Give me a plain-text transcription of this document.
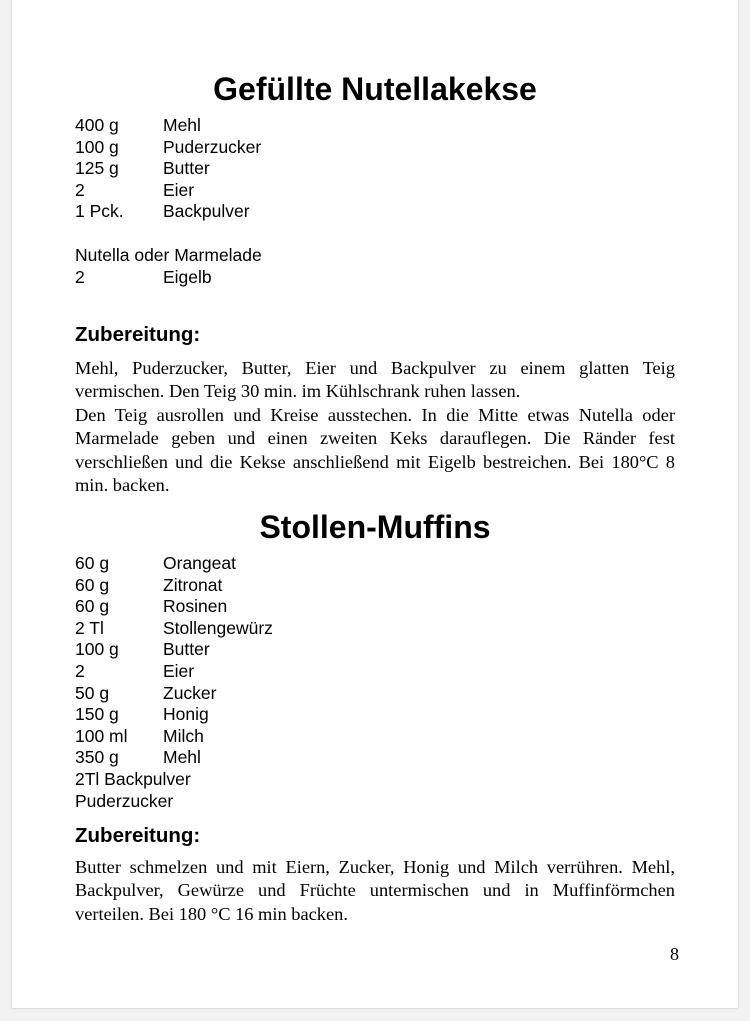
Gefüllte Nutellakekse
400 g	Mehl
100 g	Puderzucker
125 g	Butter
2	Eier
1 Pck.	Backpulver
Nutella oder Marmelade
2	Eigelb
Zubereitung:

Mehl, Puderzucker, Butter, Eier und Backpulver zu einem glatten Teig vermischen. Den Teig 30 min. im Kühlschrank ruhen lassen.

Den Teig ausrollen und Kreise ausstechen. In die Mitte etwas Nutella oder Marmelade geben und einen zweiten Keks darauflegen. Die Ränder fest verschließen und die Kekse anschließend mit Eigelb bestreichen. Bei 180°C 8 min. backen.

Stollen-Muffins
60 g	Orangeat
60 g	Zitronat
60 g	Rosinen
2 Tl	Stollengewürz
100 g	Butter
2	Eier
50 g	Zucker
150 g	Honig
100 ml	Milch
350 g	Mehl
2Tl Backpulver
Puderzucker
Zubereitung:

Butter schmelzen und mit Eiern, Zucker, Honig und Milch verrühren. Mehl, Backpulver, Gewürze und Früchte untermischen und in Muffinförmchen verteilen. Bei 180 °C 16 min backen.

8
